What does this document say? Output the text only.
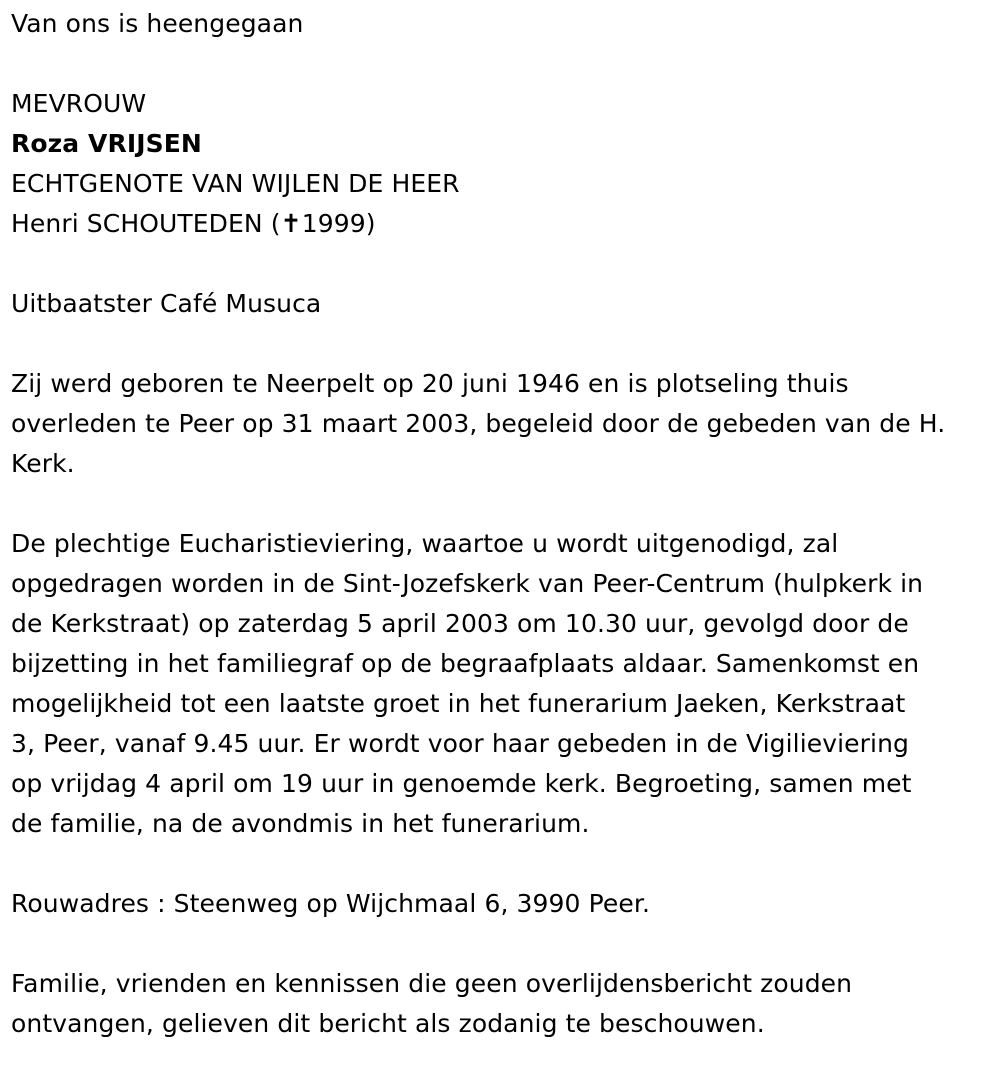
Van ons is heengegaan

MEVROUW

Roza VRIJSEN

ECHTGENOTE VAN WIJLEN DE HEER

Henri SCHOUTEDEN (✝1999)

Uitbaatster Café Musuca

Zij werd geboren te Neerpelt op 20 juni 1946 en is plotseling thuis

overleden te Peer op 31 maart 2003, begeleid door de gebeden van de H.

Kerk.

De plechtige Eucharistieviering, waartoe u wordt uitgenodigd, zal

opgedragen worden in de Sint-Jozefskerk van Peer-Centrum (hulpkerk in

de Kerkstraat) op zaterdag 5 april 2003 om 10.30 uur, gevolgd door de

bijzetting in het familiegraf op de begraafplaats aldaar. Samenkomst en

mogelijkheid tot een laatste groet in het funerarium Jaeken, Kerkstraat

3, Peer, vanaf 9.45 uur. Er wordt voor haar gebeden in de Vigilieviering

op vrijdag 4 april om 19 uur in genoemde kerk. Begroeting, samen met

de familie, na de avondmis in het funerarium.

Rouwadres : Steenweg op Wijchmaal 6, 3990 Peer.

Familie, vrienden en kennissen die geen overlijdensbericht zouden

ontvangen, gelieven dit bericht als zodanig te beschouwen.
